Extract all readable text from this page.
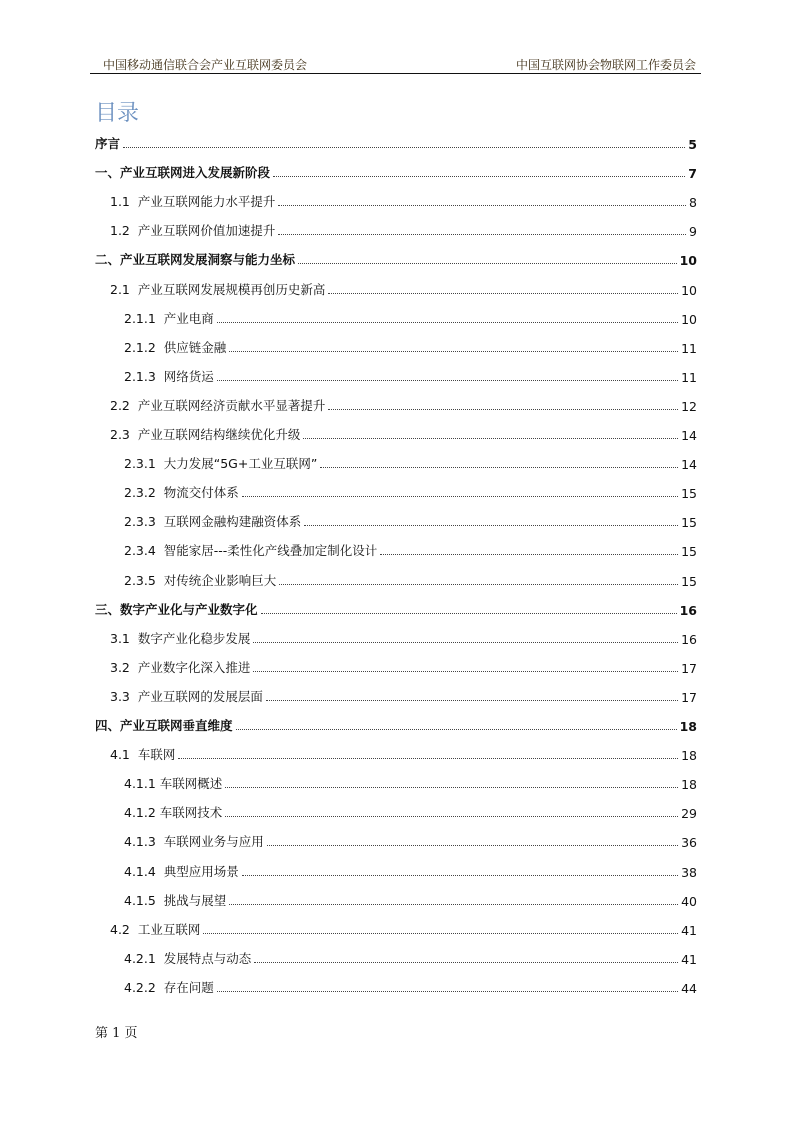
中国移动通信联合会产业互联网委员会	中国互联网协会物联网工作委员会
目录
序言	5
一、产业互联网进入发展新阶段	7
1.1  产业互联网能力水平提升	8
1.2  产业互联网价值加速提升	9
二、产业互联网发展洞察与能力坐标	10
2.1  产业互联网发展规模再创历史新高	10
2.1.1  产业电商	10
2.1.2  供应链金融	11
2.1.3  网络货运	11
2.2  产业互联网经济贡献水平显著提升	12
2.3  产业互联网结构继续优化升级	14
2.3.1  大力发展“5G+工业互联网”	14
2.3.2  物流交付体系	15
2.3.3  互联网金融构建融资体系	15
2.3.4  智能家居---柔性化产线叠加定制化设计	15
2.3.5  对传统企业影响巨大	15
三、数字产业化与产业数字化	16
3.1  数字产业化稳步发展	16
3.2  产业数字化深入推进	17
3.3  产业互联网的发展层面	17
四、产业互联网垂直维度	18
4.1  车联网	18
4.1.1 车联网概述	18
4.1.2 车联网技术	29
4.1.3  车联网业务与应用	36
4.1.4  典型应用场景	38
4.1.5  挑战与展望	40
4.2  工业互联网	41
4.2.1  发展特点与动态	41
4.2.2  存在问题	44
第 1 页
